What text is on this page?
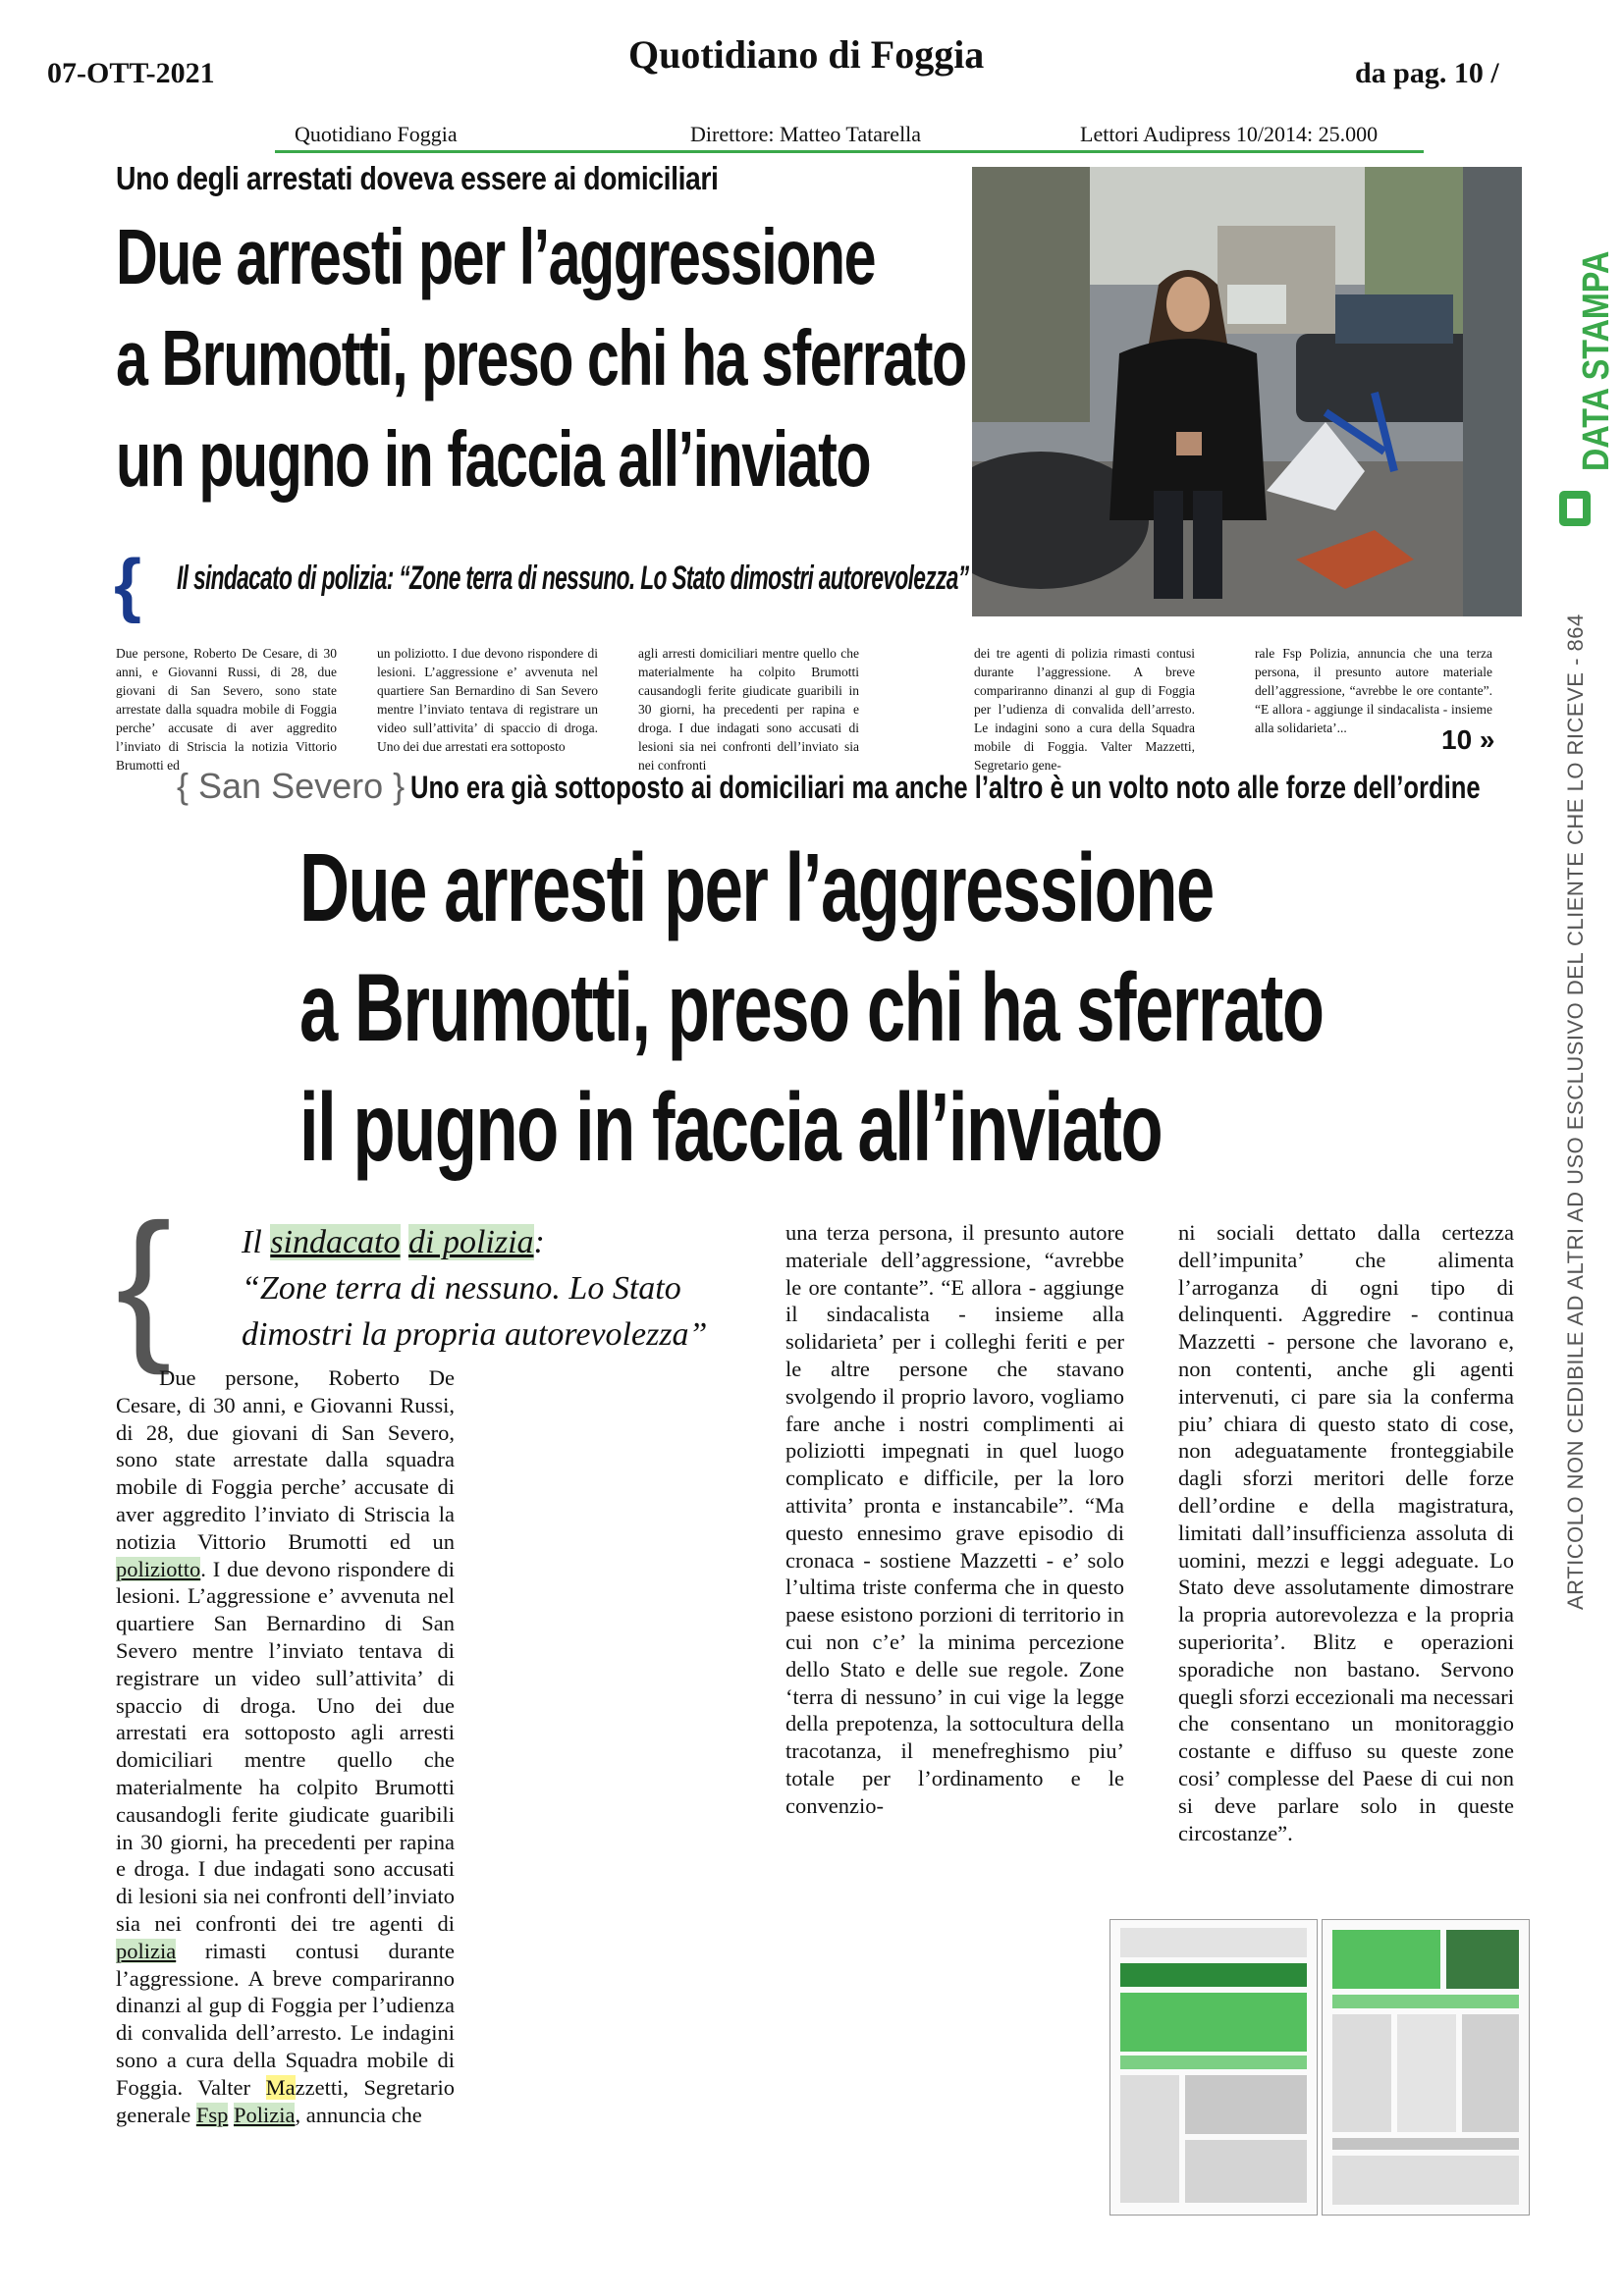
07-OTT-2021	Quotidiano di Foggia	da pag. 10 /
Quotidiano Foggia	Direttore: Matteo Tatarella	Lettori Audipress 10/2014: 25.000
Uno degli arrestati doveva essere ai domiciliari
Due arresti per l’aggressione
a Brumotti, preso chi ha sferrato
un pugno in faccia all’inviato
{ Il sindacato di polizia: “Zone terra di nessuno. Lo Stato dimostri autorevolezza”
Due persone, Roberto De Cesare, di 30 anni, e Giovanni Russi, di 28, due giovani di San Severo, sono state arrestate dalla squadra mobile di Foggia perche’ accusate di aver aggredito l’inviato di Striscia la notizia Vittorio Brumotti ed
un poliziotto. I due devono rispondere di lesioni. L’aggressione e’ avvenuta nel quartiere San Bernardino di San Severo mentre l’inviato tentava di registrare un video sull’attivita’ di spaccio di droga. Uno dei due arrestati era sottoposto
agli arresti domiciliari mentre quello che materialmente ha colpito Brumotti causandogli ferite giudicate guaribili in 30 giorni, ha precedenti per rapina e droga. I due indagati sono accusati di lesioni sia nei confronti dell’inviato sia nei confronti
dei tre agenti di polizia rimasti contusi durante l’aggressione. A breve compariranno dinanzi al gup di Foggia per l’udienza di convalida dell’arresto. Le indagini sono a cura della Squadra mobile di Foggia. Valter Mazzetti, Segretario gene-
rale Fsp Polizia, annuncia che una terza persona, il presunto autore materiale dell’aggressione, “avrebbe le ore contante”. “E allora - aggiunge il sindacalista - insieme alla solidarieta’...	10 »
{ San Severo } Uno era già sottoposto ai domiciliari ma anche l’altro è un volto noto alle forze dell’ordine
Due arresti per l’aggressione
a Brumotti, preso chi ha sferrato
il pugno in faccia all’inviato
{ Il sindacato di polizia:
“Zone terra di nessuno. Lo Stato dimostri la propria autorevolezza”
Due persone, Roberto De Cesare, di 30 anni, e Giovanni Russi, di 28, due giovani di San Severo, sono state arrestate dalla squadra mobile di Foggia perche’ accusate di aver aggredito l’inviato di Striscia la notizia Vittorio Brumotti ed un poliziotto. I due devono rispondere di lesioni. L’aggressione e’ avvenuta nel quartiere San Bernardino di San Severo mentre l’inviato tentava di registrare un video sull’attivita’ di spaccio di droga. Uno dei due arrestati era sottoposto agli arresti domiciliari mentre quello che materialmente ha colpito Brumotti causandogli ferite giudicate guaribili in 30 giorni, ha precedenti per rapina e droga. I due indagati sono accusati di lesioni sia nei confronti dell’inviato sia nei confronti dei tre agenti di polizia rimasti contusi durante l’aggressione. A breve compariranno dinanzi al gup di Foggia per l’udienza di convalida dell’arresto. Le indagini sono a cura della Squadra mobile di Foggia. Valter Mazzetti, Segretario generale Fsp Polizia, annuncia che
una terza persona, il presunto autore materiale dell’aggressione, “avrebbe le ore contante”. “E allora - aggiunge il sindacalista - insieme alla solidarieta’ per i colleghi feriti e per le altre persone che stavano svolgendo il proprio lavoro, vogliamo fare anche i nostri complimenti ai poliziotti impegnati in quel luogo complicato e difficile, per la loro attivita’ pronta e instancabile”. “Ma questo ennesimo grave episodio di cronaca - sostiene Mazzetti - e’ solo l’ultima triste conferma che in questo paese esistono porzioni di territorio in cui non c’e’ la minima percezione dello Stato e delle sue regole. Zone ‘terra di nessuno’ in cui vige la legge della prepotenza, la sottocultura della tracotanza, il menefreghismo piu’ totale per l’ordinamento e le convenzio-
ni sociali dettato dalla certezza dell’impunita’ che alimenta l’arroganza di ogni tipo di delinquenti. Aggredire - continua Mazzetti - persone che lavorano e, non contenti, anche gli agenti intervenuti, ci pare sia la conferma piu’ chiara di questo stato di cose, non adeguatamente fronteggiabile dagli sforzi meritori delle forze dell’ordine e della magistratura, limitati dall’insufficienza assoluta di uomini, mezzi e leggi adeguate. Lo Stato deve assolutamente dimostrare la propria autorevolezza e la propria superiorita’. Blitz e operazioni sporadiche non bastano. Servono quegli sforzi eccezionali ma necessari che consentano un monitoraggio costante e diffuso su queste zone cosi’ complesse del Paese di cui non si deve parlare solo in queste circostanze”.
DATA STAMPA
ARTICOLO NON CEDIBILE AD ALTRI AD USO ESCLUSIVO DEL CLIENTE CHE LO RICEVE - 864
